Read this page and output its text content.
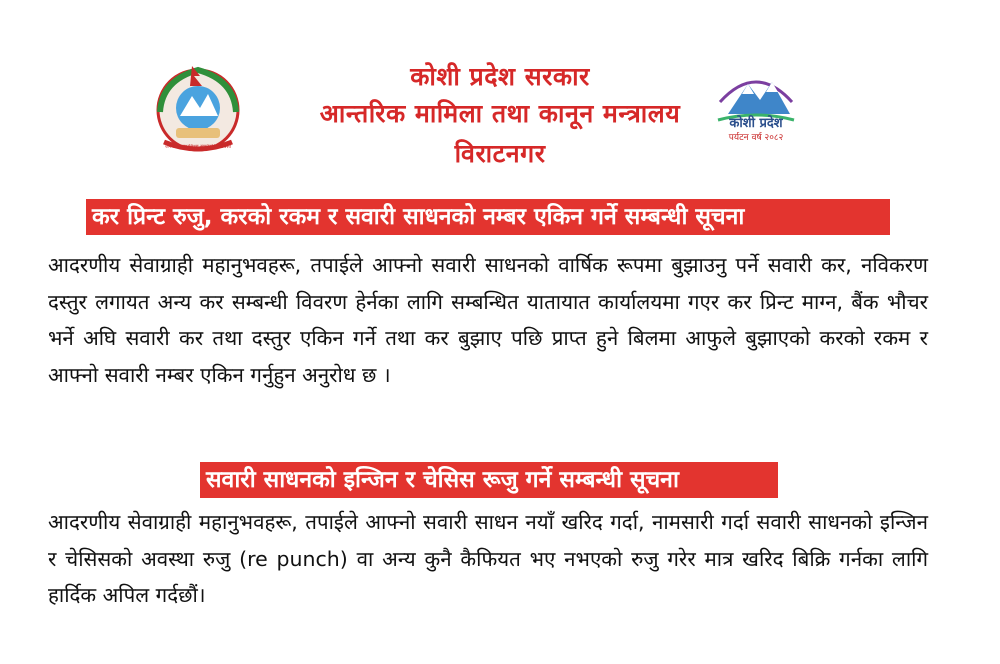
जननी जन्मभूमिश्च स्वर्गादपि गरीयसी
कोशी प्रदेश
पर्यटन वर्ष २०८२
कोशी प्रदेश सरकार
आन्तरिक मामिला तथा कानून मन्त्रालय
विराटनगर
कर प्रिन्ट रुजु, करको रकम र सवारी साधनको नम्बर एकिन गर्ने सम्बन्धी सूचना
आदरणीय सेवाग्राही महानुभवहरू, तपाईले आफ्नो सवारी साधनको वार्षिक रूपमा बुझाउनु पर्ने सवारी कर, नविकरण दस्तुर लगायत अन्य कर सम्बन्धी विवरण हेर्नका लागि सम्बन्धित यातायात कार्यालयमा गएर कर प्रिन्ट माग्न, बैंक भौचर भर्ने अघि सवारी कर तथा दस्तुर एकिन गर्ने तथा कर बुझाए पछि प्राप्त हुने बिलमा आफुले बुझाएको करको रकम र आफ्नो सवारी नम्बर एकिन गर्नुहुन अनुरोध छ ।
सवारी साधनको इन्जिन र चेसिस रूजु गर्ने सम्बन्धी सूचना
आदरणीय सेवाग्राही महानुभवहरू, तपाईले आफ्नो सवारी साधन नयाँ खरिद गर्दा, नामसारी गर्दा सवारी साधनको इन्जिन र चेसिसको अवस्था रुजु (re punch) वा अन्य कुनै कैफियत भए नभएको रुजु गरेर मात्र खरिद बिक्रि गर्नका लागि हार्दिक अपिल गर्दछौं।
